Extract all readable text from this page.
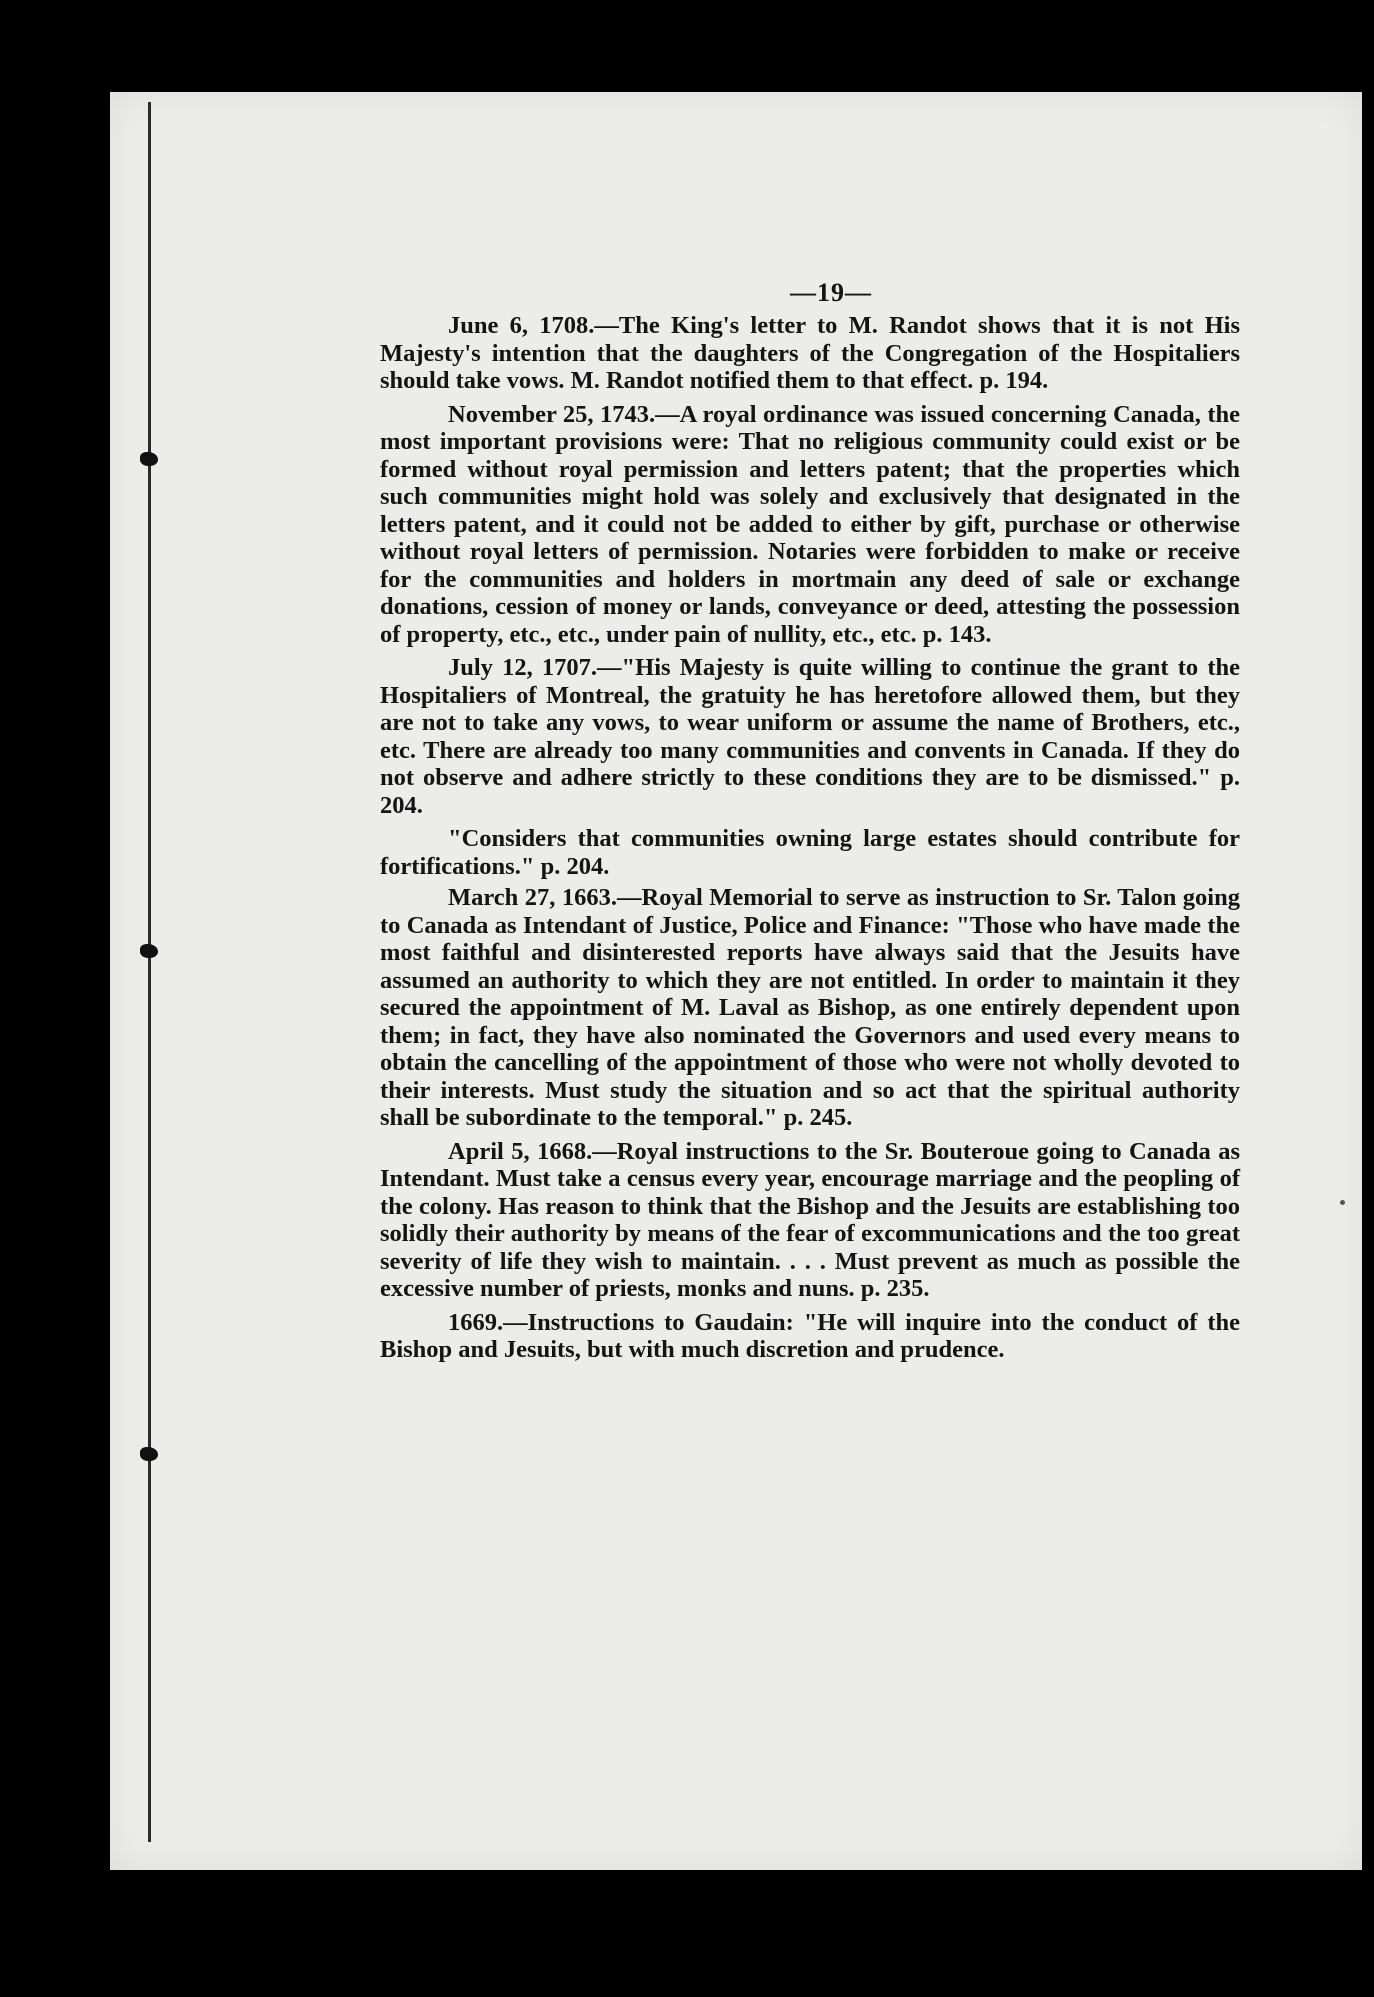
—19—

June 6, 1708.—The King's letter to M. Randot shows that it is not His Majesty's intention that the daughters of the Congregation of the Hospitaliers should take vows. M. Randot notified them to that effect. p. 194.

November 25, 1743.—A royal ordinance was issued concerning Canada, the most important provisions were: That no religious community could exist or be formed without royal permission and letters patent; that the properties which such communities might hold was solely and exclusively that designated in the letters patent, and it could not be added to either by gift, purchase or otherwise without royal letters of permission. Notaries were forbidden to make or receive for the communities and holders in mortmain any deed of sale or exchange donations, cession of money or lands, conveyance or deed, attesting the possession of property, etc., etc., under pain of nullity, etc., etc. p. 143.

July 12, 1707.—"His Majesty is quite willing to continue the grant to the Hospitaliers of Montreal, the gratuity he has heretofore allowed them, but they are not to take any vows, to wear uniform or assume the name of Brothers, etc., etc. There are already too many communities and convents in Canada. If they do not observe and adhere strictly to these conditions they are to be dismissed." p. 204.

"Considers that communities owning large estates should contribute for fortifications." p. 204.

March 27, 1663.—Royal Memorial to serve as instruction to Sr. Talon going to Canada as Intendant of Justice, Police and Finance: "Those who have made the most faithful and disinterested reports have always said that the Jesuits have assumed an authority to which they are not entitled. In order to maintain it they secured the appointment of M. Laval as Bishop, as one entirely dependent upon them; in fact, they have also nominated the Governors and used every means to obtain the cancelling of the appointment of those who were not wholly devoted to their interests. Must study the situation and so act that the spiritual authority shall be subordinate to the temporal." p. 245.

April 5, 1668.—Royal instructions to the Sr. Bouteroue going to Canada as Intendant. Must take a census every year, encourage marriage and the peopling of the colony. Has reason to think that the Bishop and the Jesuits are establishing too solidly their authority by means of the fear of excommunications and the too great severity of life they wish to maintain. . . . Must prevent as much as possible the excessive number of priests, monks and nuns. p. 235.

1669.—Instructions to Gaudain: "He will inquire into the conduct of the Bishop and Jesuits, but with much discretion and prudence.
